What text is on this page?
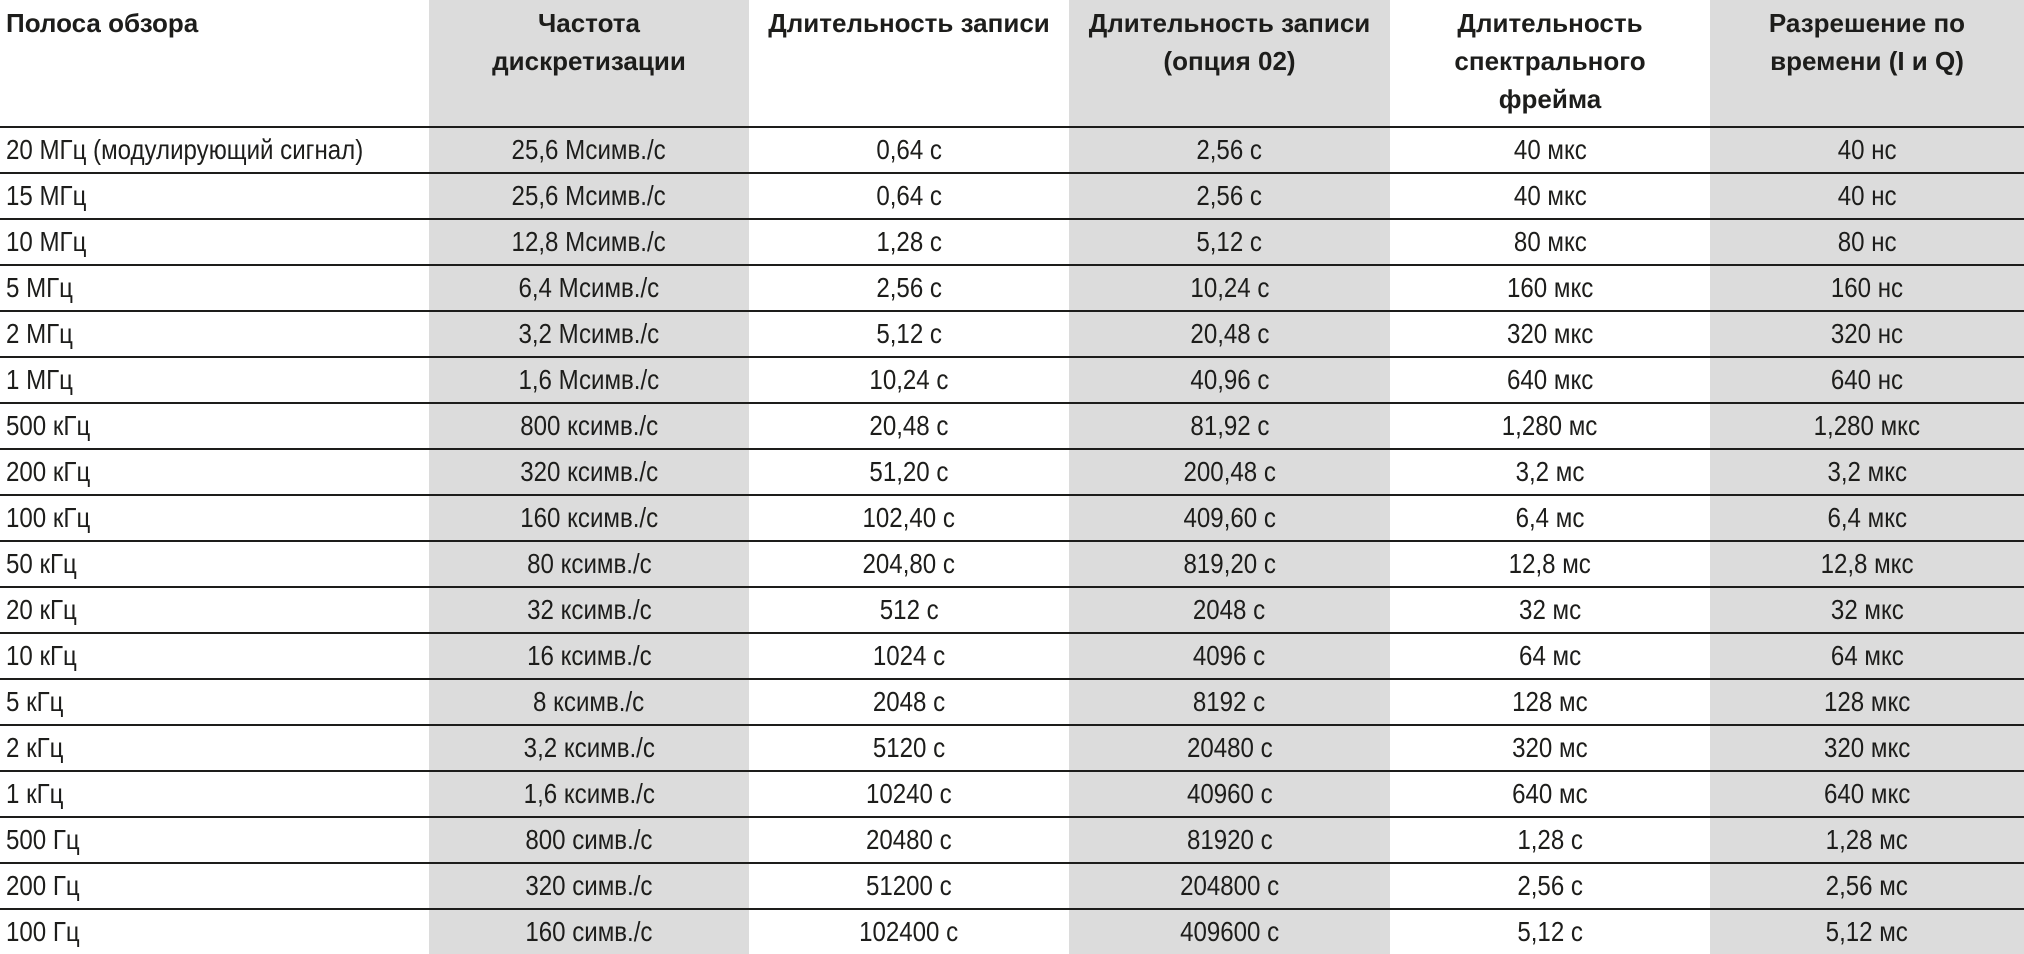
Полоса обзора	Частота дискретизации	Длительность записи	Длительность записи (опция 02)	Длительность спектрального фрейма	Разрешение по времени (I и Q)
20 МГц (модулирующий сигнал)	25,6 Мсимв./с	0,64 с	2,56 с	40 мкс	40 нс
15 МГц	25,6 Мсимв./с	0,64 с	2,56 с	40 мкс	40 нс
10 МГц	12,8 Мсимв./с	1,28 с	5,12 с	80 мкс	80 нс
5 МГц	6,4 Мсимв./с	2,56 с	10,24 с	160 мкс	160 нс
2 МГц	3,2 Мсимв./с	5,12 с	20,48 с	320 мкс	320 нс
1 МГц	1,6 Мсимв./с	10,24 с	40,96 с	640 мкс	640 нс
500 кГц	800 ксимв./с	20,48 с	81,92 с	1,280 мс	1,280 мкс
200 кГц	320 ксимв./с	51,20 с	200,48 с	3,2 мс	3,2 мкс
100 кГц	160 ксимв./с	102,40 с	409,60 с	6,4 мс	6,4 мкс
50 кГц	80 ксимв./с	204,80 с	819,20 с	12,8 мс	12,8 мкс
20 кГц	32 ксимв./с	512 с	2048 с	32 мс	32 мкс
10 кГц	16 ксимв./с	1024 с	4096 с	64 мс	64 мкс
5 кГц	8 ксимв./с	2048 с	8192 с	128 мс	128 мкс
2 кГц	3,2 ксимв./с	5120 с	20480 с	320 мс	320 мкс
1 кГц	1,6 ксимв./с	10240 с	40960 с	640 мс	640 мкс
500 Гц	800 симв./с	20480 с	81920 с	1,28 с	1,28 мс
200 Гц	320 симв./с	51200 с	204800 с	2,56 с	2,56 мс
100 Гц	160 симв./с	102400 с	409600 с	5,12 с	5,12 мс
